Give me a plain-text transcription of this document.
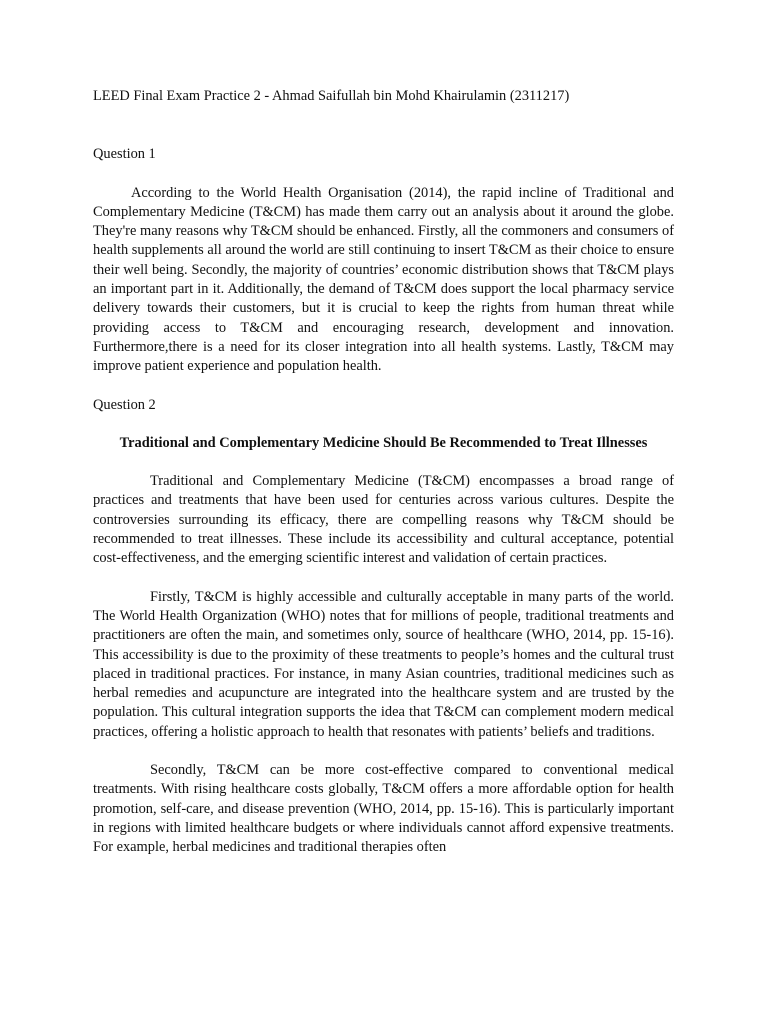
LEED Final Exam Practice 2 - Ahmad Saifullah bin Mohd Khairulamin (2311217)

Question 1

According to the World Health Organisation (2014), the rapid incline of Traditional and Complementary Medicine (T&CM) has made them carry out an analysis about it around the globe. They're many reasons why T&CM should be enhanced. Firstly, all the commoners and consumers of health supplements all around the world are still continuing to insert T&CM as their choice to ensure their well being. Secondly, the majority of countries’ economic distribution shows that T&CM plays an important part in it. Additionally, the demand of T&CM does support the local pharmacy service delivery towards their customers, but it is crucial to keep the rights from human threat while providing access to T&CM and encouraging research, development and innovation. Furthermore,there is a need for its closer integration into all health systems. Lastly, T&CM may improve patient experience and population health.

Question 2

Traditional and Complementary Medicine Should Be Recommended to Treat Illnesses

Traditional and Complementary Medicine (T&CM) encompasses a broad range of practices and treatments that have been used for centuries across various cultures. Despite the controversies surrounding its efficacy, there are compelling reasons why T&CM should be recommended to treat illnesses. These include its accessibility and cultural acceptance, potential cost-effectiveness, and the emerging scientific interest and validation of certain practices.

Firstly, T&CM is highly accessible and culturally acceptable in many parts of the world. The World Health Organization (WHO) notes that for millions of people, traditional treatments and practitioners are often the main, and sometimes only, source of healthcare (WHO, 2014, pp. 15-16). This accessibility is due to the proximity of these treatments to people’s homes and the cultural trust placed in traditional practices. For instance, in many Asian countries, traditional medicines such as herbal remedies and acupuncture are integrated into the healthcare system and are trusted by the population. This cultural integration supports the idea that T&CM can complement modern medical practices, offering a holistic approach to health that resonates with patients’ beliefs and traditions.

Secondly, T&CM can be more cost-effective compared to conventional medical treatments. With rising healthcare costs globally, T&CM offers a more affordable option for health promotion, self-care, and disease prevention (WHO, 2014, pp. 15-16). This is particularly important in regions with limited healthcare budgets or where individuals cannot afford expensive treatments. For example, herbal medicines and traditional therapies often
